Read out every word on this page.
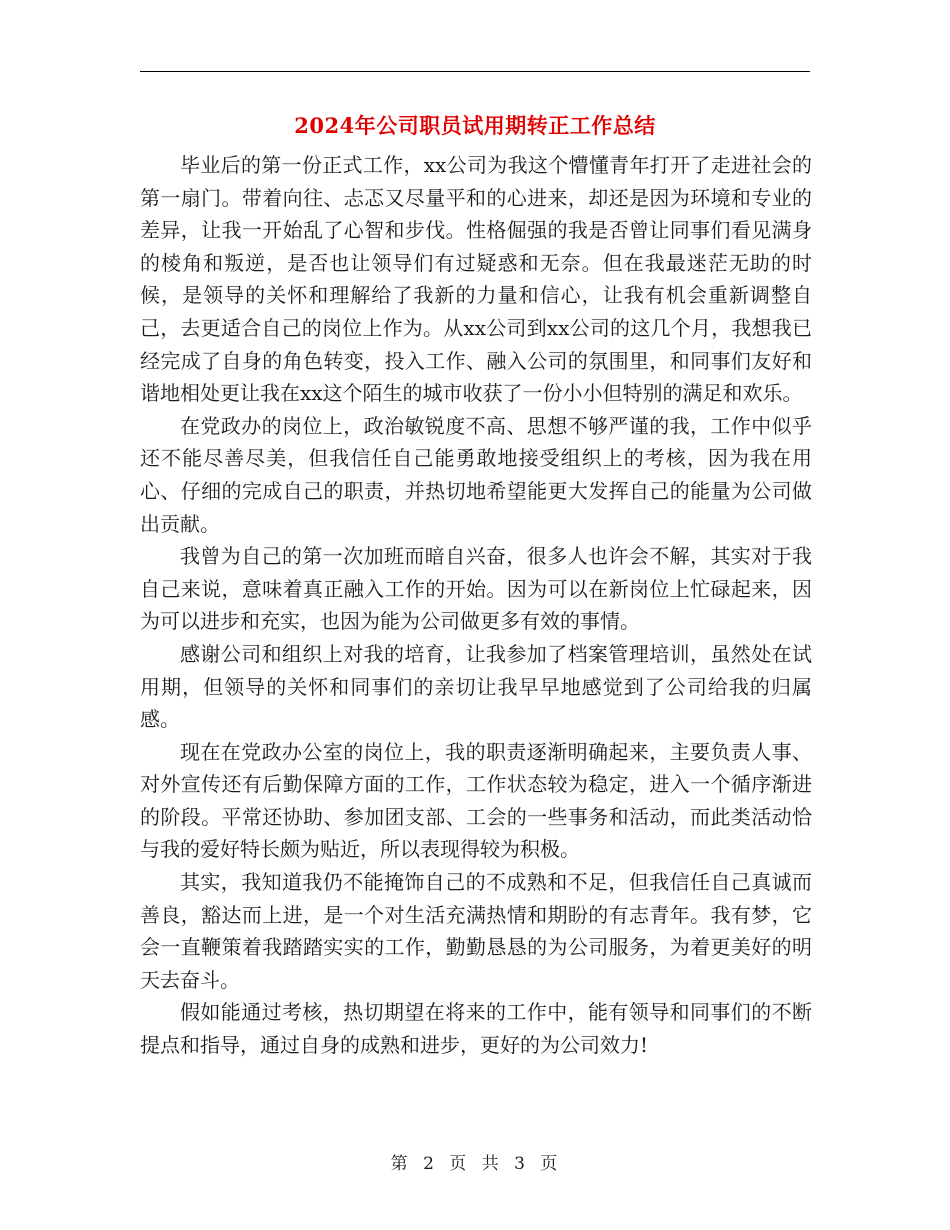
2024年公司职员试用期转正工作总结

毕业后的第一份正式工作，xx公司为我这个懵懂青年打开了走进社会的第一扇门。带着向往、忐忑又尽量平和的心进来，却还是因为环境和专业的差异，让我一开始乱了心智和步伐。性格倔强的我是否曾让同事们看见满身的棱角和叛逆，是否也让领导们有过疑惑和无奈。但在我最迷茫无助的时候，是领导的关怀和理解给了我新的力量和信心，让我有机会重新调整自己，去更适合自己的岗位上作为。从xx公司到xx公司的这几个月，我想我已经完成了自身的角色转变，投入工作、融入公司的氛围里，和同事们友好和谐地相处更让我在xx这个陌生的城市收获了一份小小但特别的满足和欢乐。

在党政办的岗位上，政治敏锐度不高、思想不够严谨的我，工作中似乎还不能尽善尽美，但我信任自己能勇敢地接受组织上的考核，因为我在用心、仔细的完成自己的职责，并热切地希望能更大发挥自己的能量为公司做出贡献。

我曾为自己的第一次加班而暗自兴奋，很多人也许会不解，其实对于我自己来说，意味着真正融入工作的开始。因为可以在新岗位上忙碌起来，因为可以进步和充实，也因为能为公司做更多有效的事情。

感谢公司和组织上对我的培育，让我参加了档案管理培训，虽然处在试用期，但领导的关怀和同事们的亲切让我早早地感觉到了公司给我的归属感。

现在在党政办公室的岗位上，我的职责逐渐明确起来，主要负责人事、对外宣传还有后勤保障方面的工作，工作状态较为稳定，进入一个循序渐进的阶段。平常还协助、参加团支部、工会的一些事务和活动，而此类活动恰与我的爱好特长颇为贴近，所以表现得较为积极。

其实，我知道我仍不能掩饰自己的不成熟和不足，但我信任自己真诚而善良，豁达而上进，是一个对生活充满热情和期盼的有志青年。我有梦，它会一直鞭策着我踏踏实实的工作，勤勤恳恳的为公司服务，为着更美好的明天去奋斗。

假如能通过考核，热切期望在将来的工作中，能有领导和同事们的不断提点和指导，通过自身的成熟和进步，更好的为公司效力!

第 2 页 共 3 页
